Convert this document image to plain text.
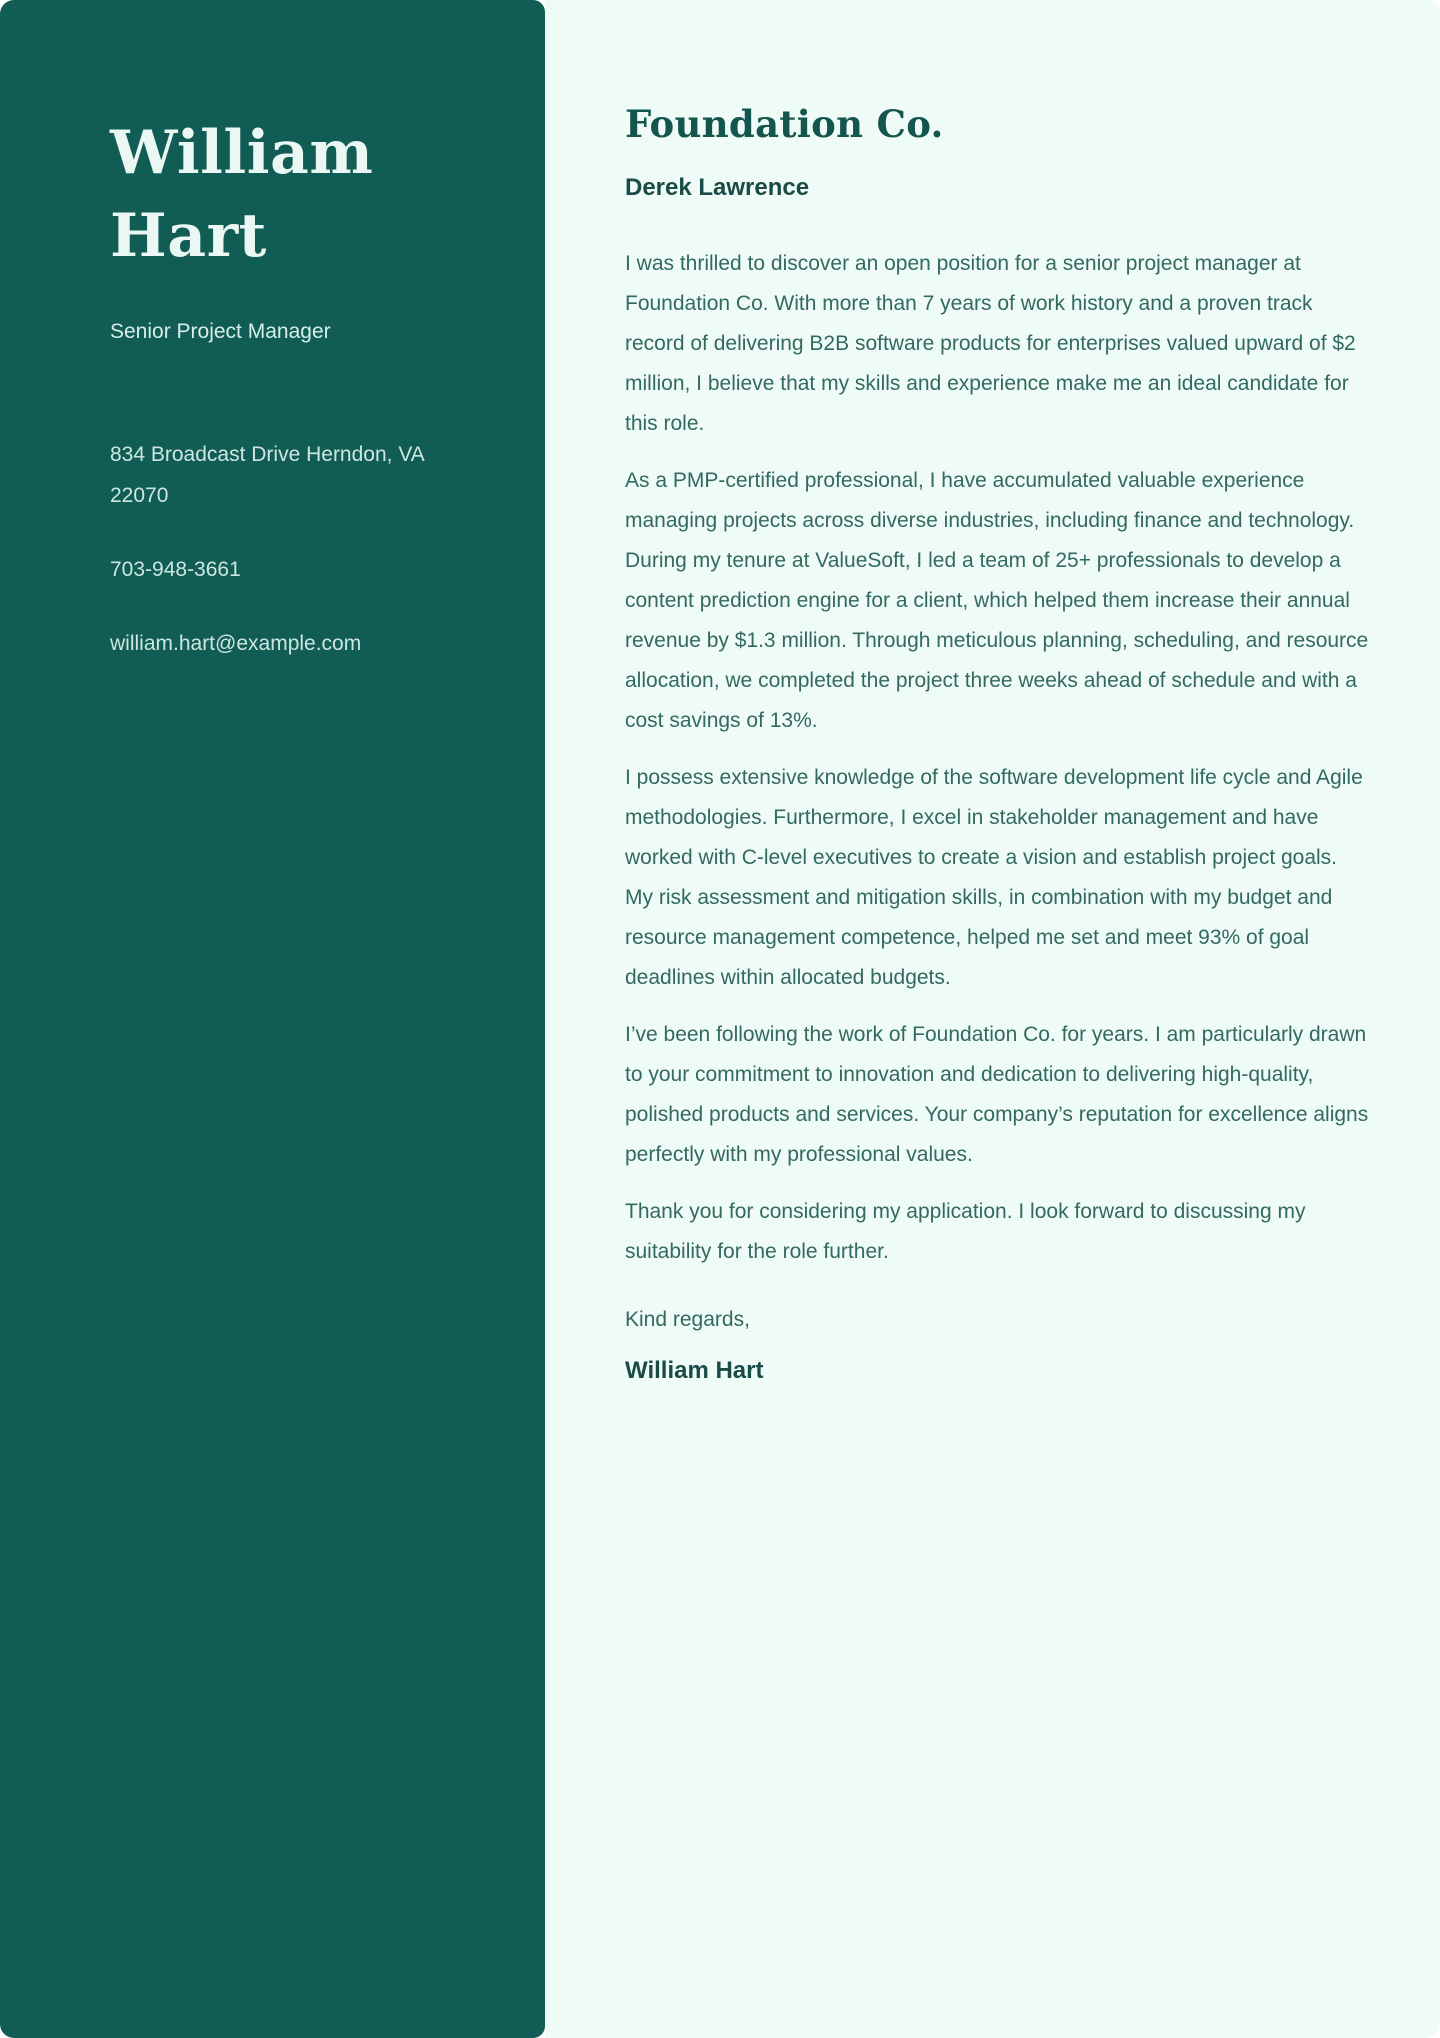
William Hart
Senior Project Manager
834 Broadcast Drive Herndon, VA 22070
703-948-3661
william.hart@example.com
Foundation Co.
Derek Lawrence

I was thrilled to discover an open position for a senior project manager at Foundation Co. With more than 7 years of work history and a proven track record of delivering B2B software products for enterprises valued upward of $2 million, I believe that my skills and experience make me an ideal candidate for this role.

As a PMP-certified professional, I have accumulated valuable experience managing projects across diverse industries, including finance and technology. During my tenure at ValueSoft, I led a team of 25+ professionals to develop a content prediction engine for a client, which helped them increase their annual revenue by $1.3 million. Through meticulous planning, scheduling, and resource allocation, we completed the project three weeks ahead of schedule and with a cost savings of 13%.

I possess extensive knowledge of the software development life cycle and Agile methodologies. Furthermore, I excel in stakeholder management and have worked with C-level executives to create a vision and establish project goals. My risk assessment and mitigation skills, in combination with my budget and resource management competence, helped me set and meet 93% of goal deadlines within allocated budgets.

I’ve been following the work of Foundation Co. for years. I am particularly drawn to your commitment to innovation and dedication to delivering high-quality, polished products and services. Your company’s reputation for excellence aligns perfectly with my professional values.

Thank you for considering my application. I look forward to discussing my suitability for the role further.

Kind regards,
William Hart
